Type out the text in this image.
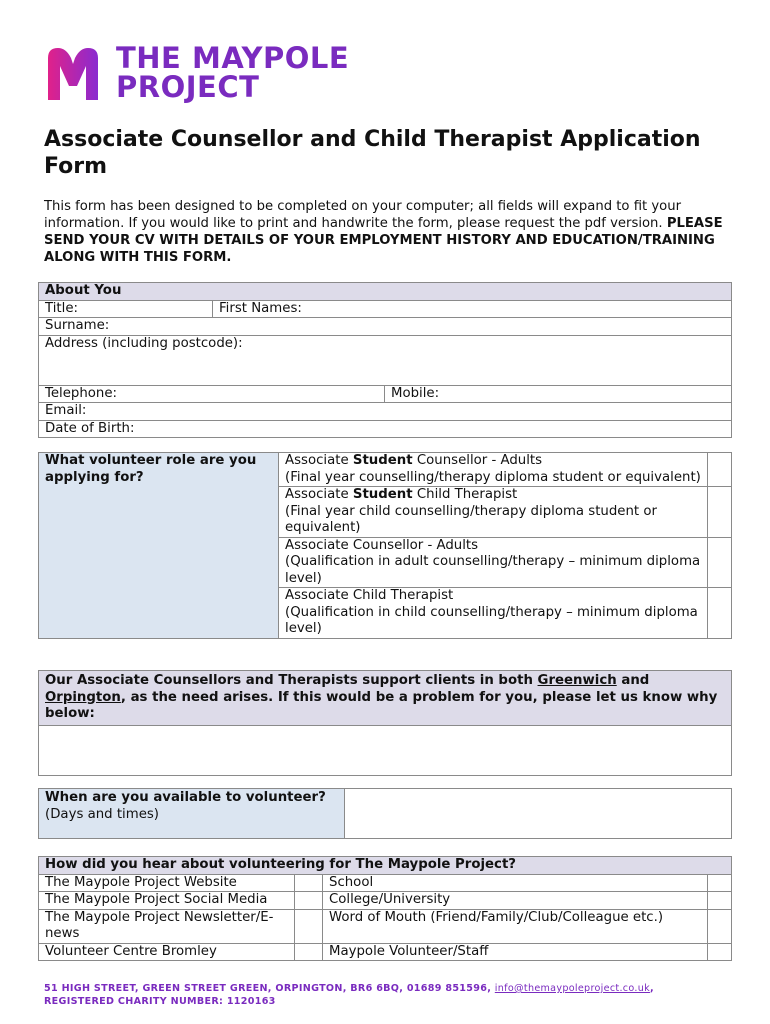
THE MAYPOLE
PROJECT
Associate Counsellor and Child Therapist Application Form
This form has been designed to be completed on your computer; all fields will expand to fit your information. If you would like to print and handwrite the form, please request the pdf version. PLEASE SEND YOUR CV WITH DETAILS OF YOUR EMPLOYMENT HISTORY AND EDUCATION/TRAINING ALONG WITH THIS FORM.
About You		
Title:	First Names:	
Surname:		
Address (including postcode):		
Telephone:		Mobile:
Email:		
Date of Birth:		
What volunteer role are you applying for?	Associate Student Counsellor - Adults
(Final year counselling/therapy diploma student or equivalent)	
	Associate Student Child Therapist
(Final year child counselling/therapy diploma student or equivalent)	
	Associate Counsellor - Adults
(Qualification in adult counselling/therapy – minimum diploma level)	
	Associate Child Therapist
(Qualification in child counselling/therapy – minimum diploma level)	
Our Associate Counsellors and Therapists support clients in both Greenwich and Orpington, as the need arises. If this would be a problem for you, please let us know why below:

When are you available to volunteer?
(Days and times)	
How did you hear about volunteering for The Maypole Project?			
The Maypole Project Website		School	
The Maypole Project Social Media		College/University	
The Maypole Project Newsletter/E-news		Word of Mouth (Friend/Family/Club/Colleague etc.)	
Volunteer Centre Bromley		Maypole Volunteer/Staff	
51 HIGH STREET, GREEN STREET GREEN, ORPINGTON, BR6 6BQ, 01689 851596, info@themaypoleproject.co.uk,
REGISTERED CHARITY NUMBER: 1120163
